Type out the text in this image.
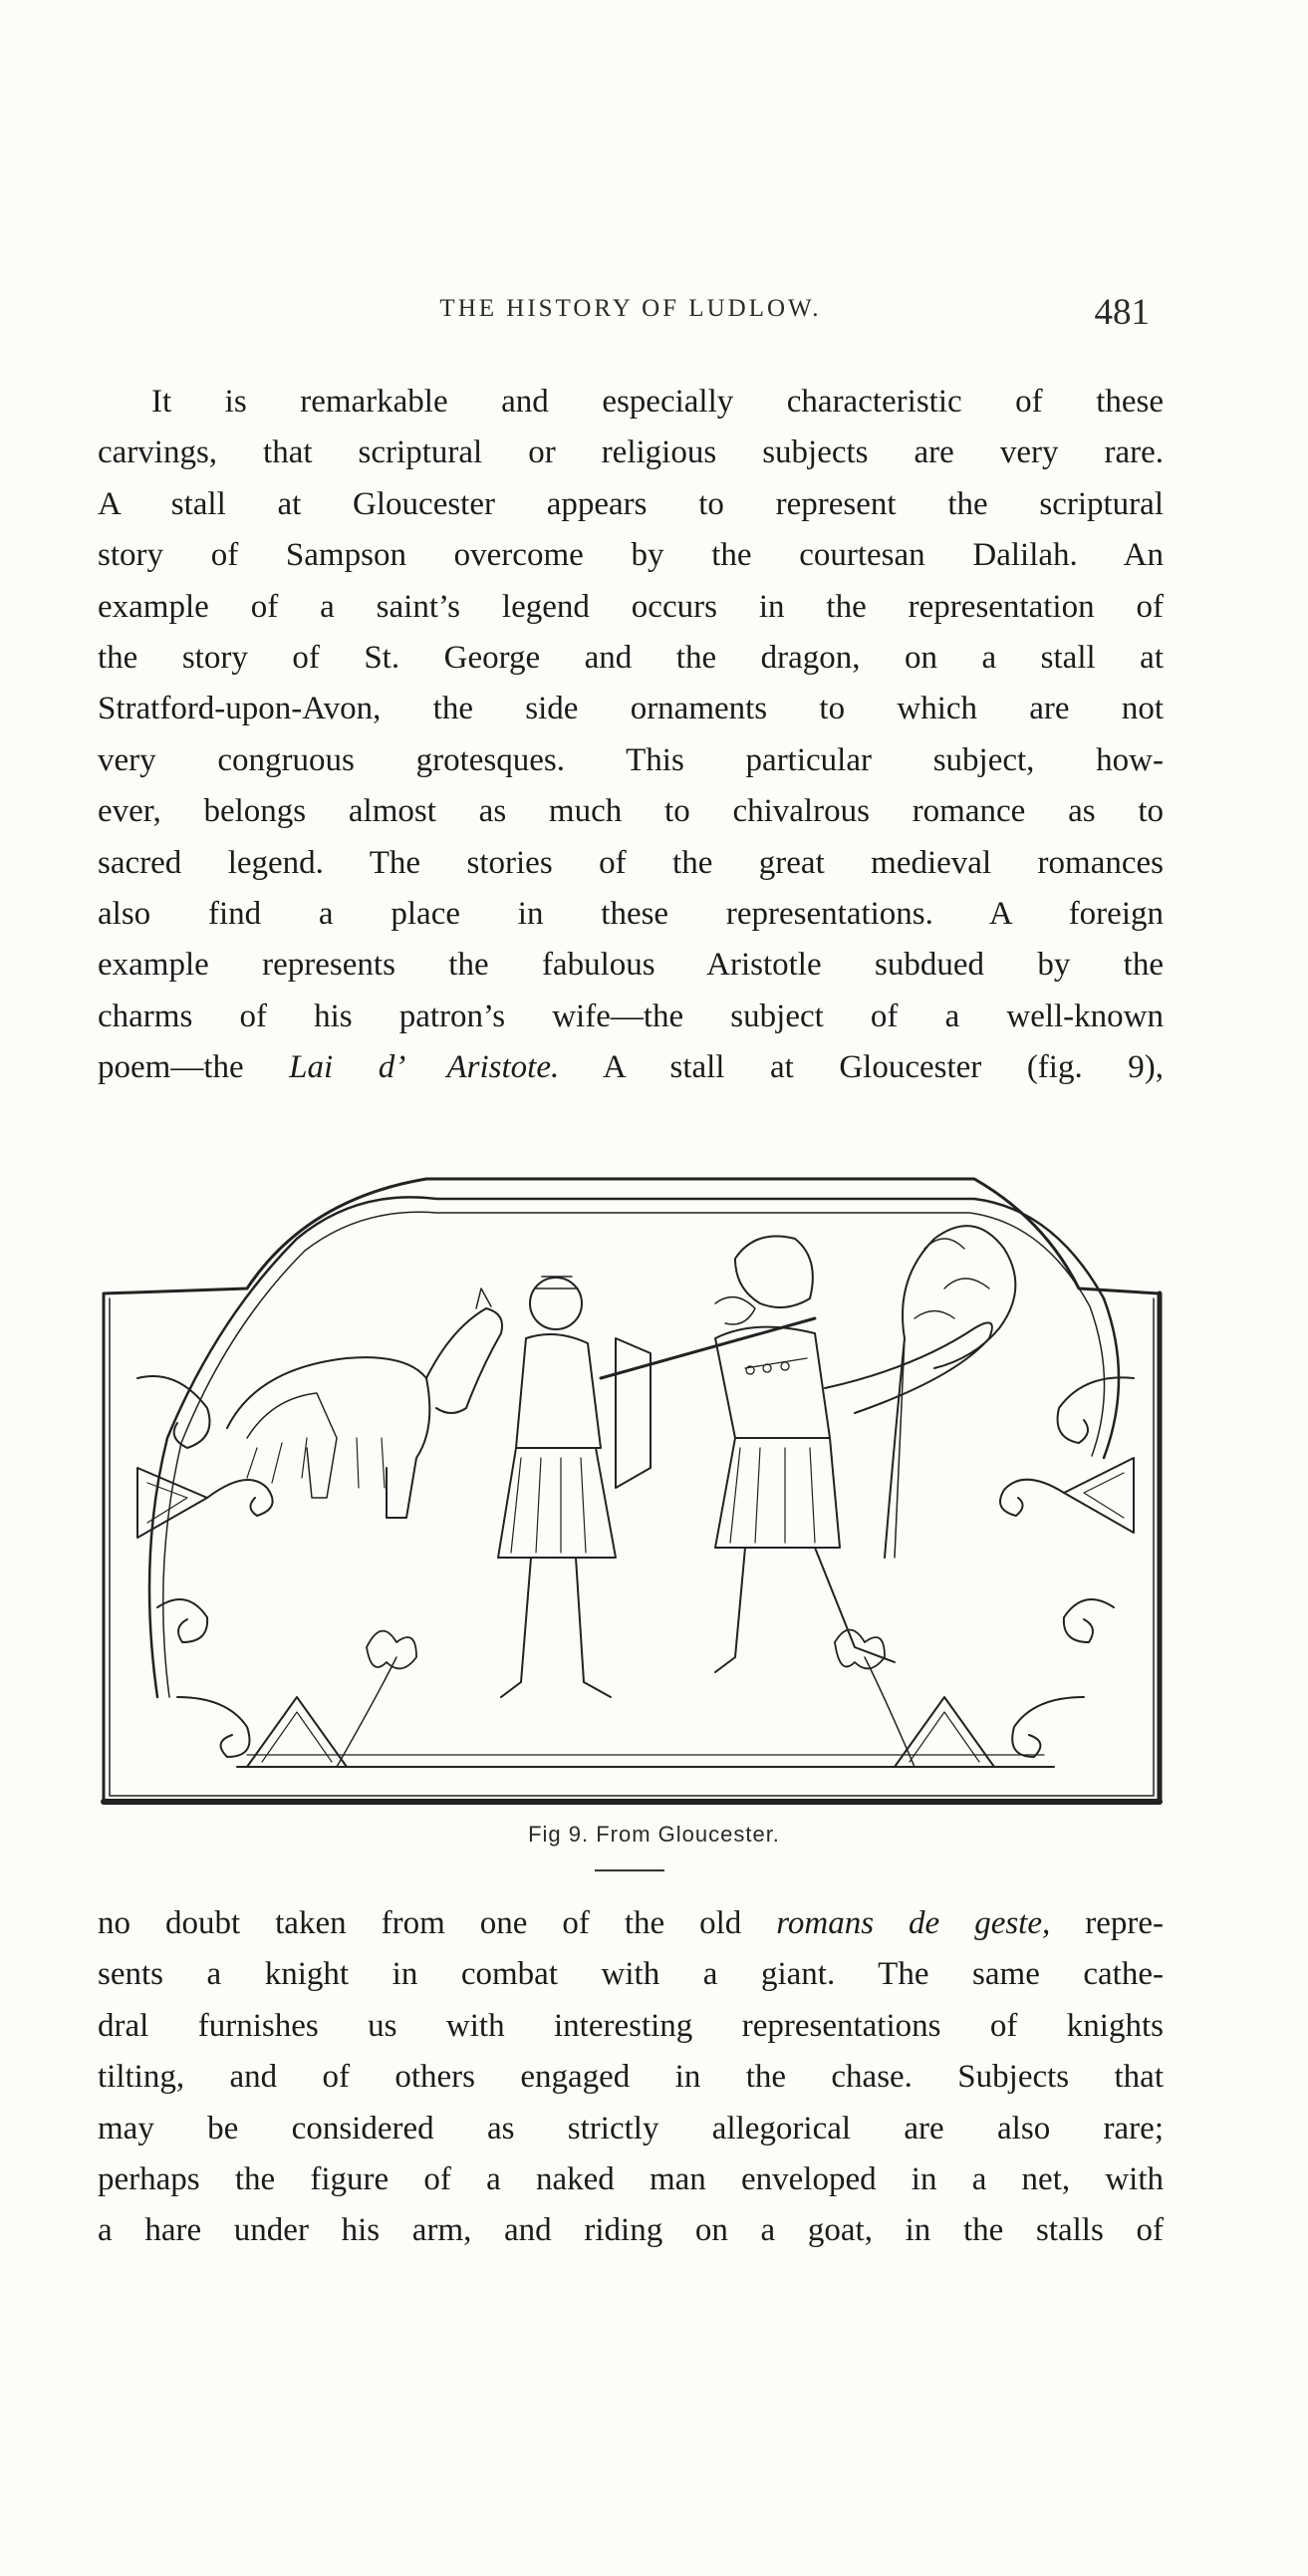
THE HISTORY OF LUDLOW.	481
It is remarkable and especially characteristic of these
carvings, that scriptural or religious subjects are very rare.
A stall at Gloucester appears to represent the scriptural
story of Sampson overcome by the courtesan Dalilah. An
example of a saint’s legend occurs in the representation of
the story of St. George and the dragon, on a stall at
Stratford-upon-Avon, the side ornaments to which are not
very congruous grotesques. This particular subject, how-
ever, belongs almost as much to chivalrous romance as to
sacred legend. The stories of the great medieval romances
also find a place in these representations. A foreign
example represents the fabulous Aristotle subdued by the
charms of his patron’s wife—the subject of a well-known
poem—the Lai d’ Aristote. A stall at Gloucester (fig. 9),
Fig 9. From Gloucester.
no doubt taken from one of the old romans de geste, repre-
sents a knight in combat with a giant. The same cathe-
dral furnishes us with interesting representations of knights
tilting, and of others engaged in the chase. Subjects that
may be considered as strictly allegorical are also rare;
perhaps the figure of a naked man enveloped in a net, with
a hare under his arm, and riding on a goat, in the stalls of
